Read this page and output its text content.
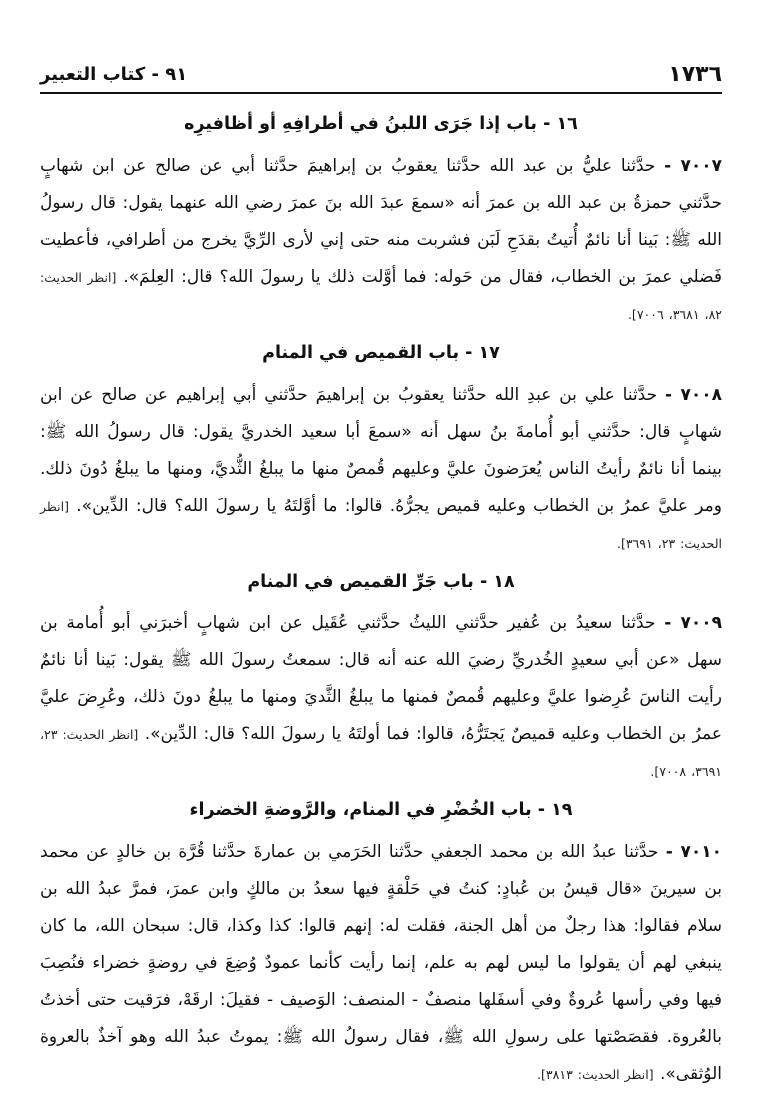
١٧٣٦
٩١ - كتاب التعبير
١٦ - باب إذا جَرَى اللبنُ في أطرافِهِ أو أظافيرِه

٧٠٠٧ - حدَّثنا عليُّ بن عبد الله حدَّثنا يعقوبُ بن إبراهيمَ حدَّثنا أبي عن صالح عن ابن شهابٍ حدَّثني حمزةُ بن عبد الله بن عمرَ أنه «سمعَ عبدَ الله بنَ عمرَ رضي الله عنهما يقول: قال رسولُ الله ﷺ: بَينا أنا نائمٌ أُتيتُ بقدَحِ لَبَن فشربت منه حتى إني لأرى الرِّيَّ يخرج من أطرافي، فأعطيت فَضلي عمرَ بن الخطاب، فقال من حَوله: فما أوَّلت ذلك يا رسولَ الله؟ قال: العِلمَ». [انظر الحديث: ٨٢، ٣٦٨١، ٧٠٠٦].

١٧ - باب القميص في المنام

٧٠٠٨ - حدَّثنا علي بن عبدِ الله حدَّثنا يعقوبُ بن إبراهيمَ حدَّثني أبي إبراهيم عن صالح عن ابن شهابٍ قال: حدَّثني أبو أُمامةَ بنُ سهل أنه «سمعَ أبا سعيد الخدريَّ يقول: قال رسولُ الله ﷺ: بينما أنا نائمٌ رأيتُ الناس يُعرَضونَ عليَّ وعليهم قُمصٌ منها ما يبلغُ الثُّديَّ، ومنها ما يبلغُ دُونَ ذلك. ومر عليَّ عمرُ بن الخطاب وعليه قميص يجرُّهُ. قالوا: ما أوَّلتَهُ يا رسولَ الله؟ قال: الدِّين». [انظر الحديث: ٢٣، ٣٦٩١].

١٨ - باب جَرِّ القميص في المنام

٧٠٠٩ - حدَّثنا سعيدُ بن عُفير حدَّثني الليثُ حدَّثني عُقَيل عن ابن شهابٍ أخبرَني أبو أُمامة بن سهل «عن أبي سعيدٍ الخُدريِّ رضيَ الله عنه أنه قال: سمعتُ رسولَ الله ﷺ يقول: بَينا أنا نائمٌ رأيت الناسَ عُرِضوا عليَّ وعليهم قُمصٌ فمنها ما يبلغُ الثَّديَ ومنها ما يبلغُ دونَ ذلك، وعُرِضَ عليَّ عمرُ بن الخطاب وعليه قميصٌ يَجتَرُّهُ، قالوا: فما أولتَهُ يا رسولَ الله؟ قال: الدِّين». [انظر الحديث: ٢٣، ٣٦٩١، ٧٠٠٨].

١٩ - باب الخُضْرِ في المنام، والرَّوضةِ الخضراء

٧٠١٠ - حدَّثنا عبدُ الله بن محمد الجعفي حدَّثنا الحَرَمي بن عمارةَ حدَّثنا قُرَّة بن خالدٍ عن محمد بن سيرينَ «قال قيسُ بن عُبادٍ: كنتُ في حَلْقةٍ فيها سعدُ بن مالكٍ وابن عمرَ، فمرَّ عبدُ الله بن سلام فقالوا: هذا رجلٌ من أهل الجنة، فقلت له: إنهم قالوا: كذا وكذا، قال: سبحان الله، ما كان ينبغي لهم أن يقولوا ما ليس لهم به علم، إنما رأيت كأنما عمودٌ وُضِعَ في روضةٍ خضراء فنُصِبَ فيها وفي رأسها عُروةٌ وفي أسفَلها منصفٌ - المنصف: الوَصيف - فقيلَ: ارقَهْ، فرَقيت حتى أخذتُ بالعُروة. فقصَصْتها على رسولِ الله ﷺ، فقال رسولُ الله ﷺ: يموتُ عبدُ الله وهو آخذٌ بالعروة الوُثقى». [انظر الحديث: ٣٨١٣].
